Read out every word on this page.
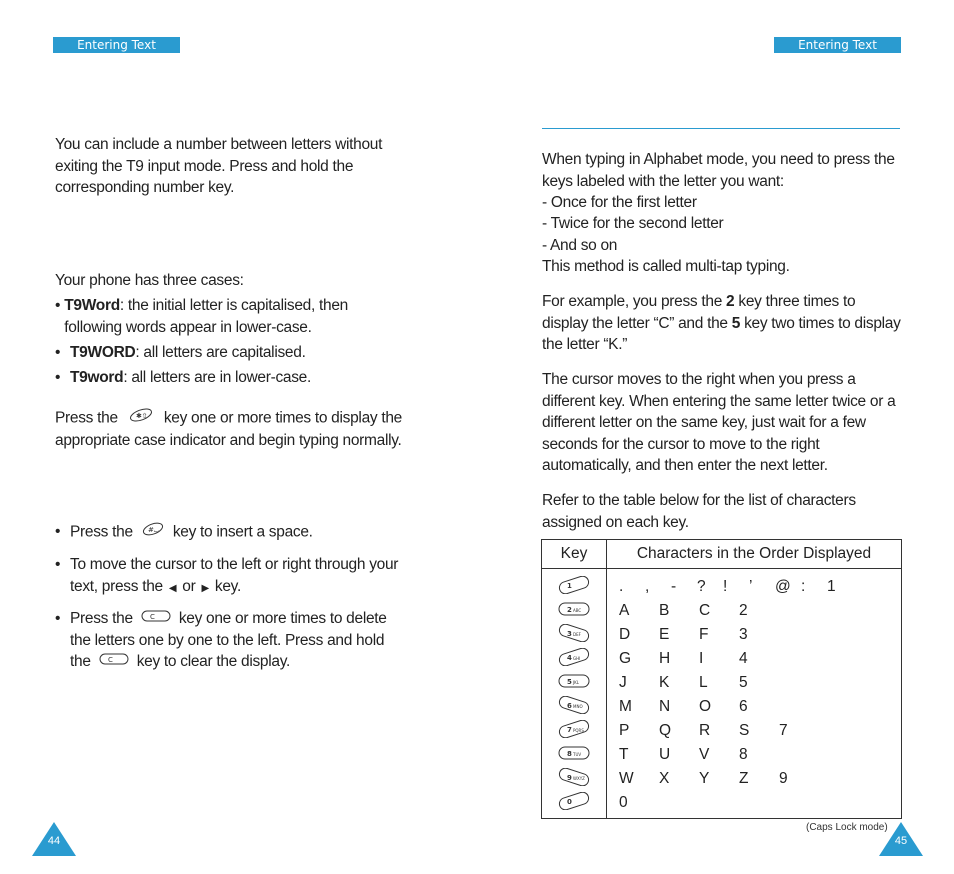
Entering Text	Entering Text

You can include a number between letters without exiting the T9 input mode. Press and hold the corresponding number key.

Your phone has three cases:

• T9Word: the initial letter is capitalised, then following words appear in lower-case.
• T9WORD: all letters are capitalised.
• T9word: all letters are in lower-case.

Press the	✱⇧ key one or more times to display the appropriate case indicator and begin typing normally.

• Press the #⌴ key to insert a space.
• To move the cursor to the left or right through your text, press the ◀ or ▶ key.
• Press the C key one or more times to delete the letters one by one to the left. Press and hold the C key to clear the display.

When typing in Alphabet mode, you need to press the keys labeled with the letter you want:

- Once for the first letter

- Twice for the second letter

- And so on

This method is called multi-tap typing.

For example, you press the 2 key three times to display the letter “C” and the 5 key two times to display the letter “K.”

The cursor moves to the right when you press a different key. When entering the same letter twice or a different letter on the same key, just wait for a few seconds for the cursor to move to the right automatically, and then enter the next letter.

Refer to the table below for the list of characters assigned on each key.

Key	Characters in the Order Displayed

1	. , - ? ! ’ @ : 1

2 ABC	A B C 2

3 DEF	D E F 3

4 GHI	G H I 4

5 JKL	J K L 5

6 MNO	M N O 6

7 PQRS	P Q R S 7

8 TUV	T U V 8

9 WXYZ	W X Y Z 9

0	0
(Caps Lock mode)
44	45
